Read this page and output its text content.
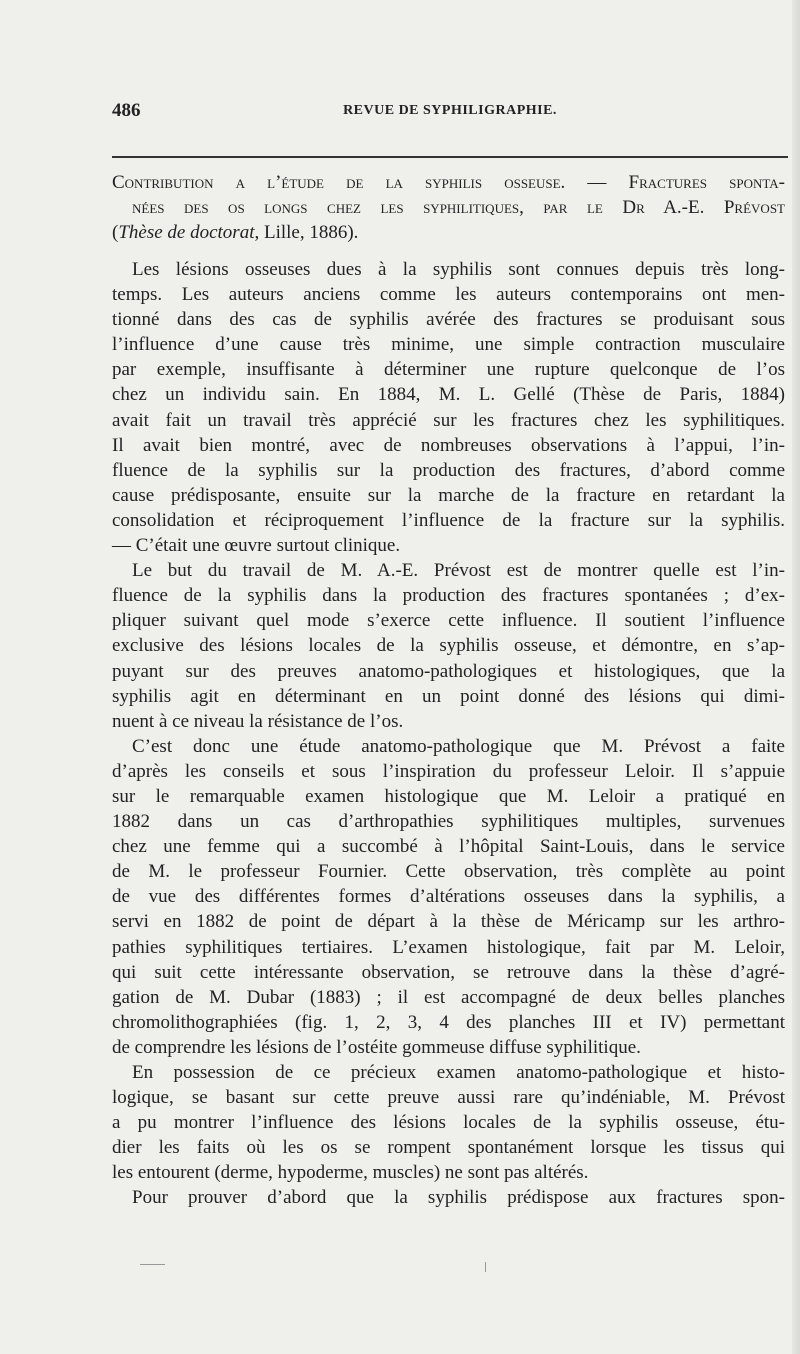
486	REVUE DE SYPHILIGRAPHIE.
Contribution a l’étude de la syphilis osseuse. — Fractures sponta-
nées des os longs chez les syphilitiques, par le Dr A.-E. Prévost
(Thèse de doctorat, Lille, 1886).
Les lésions osseuses dues à la syphilis sont connues depuis très long-
temps. Les auteurs anciens comme les auteurs contemporains ont men-
tionné dans des cas de syphilis avérée des fractures se produisant sous
l’influence d’une cause très minime, une simple contraction musculaire
par exemple, insuffisante à déterminer une rupture quelconque de l’os
chez un individu sain. En 1884, M. L. Gellé (Thèse de Paris, 1884)
avait fait un travail très apprécié sur les fractures chez les syphilitiques.
Il avait bien montré, avec de nombreuses observations à l’appui, l’in-
fluence de la syphilis sur la production des fractures, d’abord comme
cause prédisposante, ensuite sur la marche de la fracture en retardant la
consolidation et réciproquement l’influence de la fracture sur la syphilis.
— C’était une œuvre surtout clinique.
Le but du travail de M. A.-E. Prévost est de montrer quelle est l’in-
fluence de la syphilis dans la production des fractures spontanées ; d’ex-
pliquer suivant quel mode s’exerce cette influence. Il soutient l’influence
exclusive des lésions locales de la syphilis osseuse, et démontre, en s’ap-
puyant sur des preuves anatomo-pathologiques et histologiques, que la
syphilis agit en déterminant en un point donné des lésions qui dimi-
nuent à ce niveau la résistance de l’os.
C’est donc une étude anatomo-pathologique que M. Prévost a faite
d’après les conseils et sous l’inspiration du professeur Leloir. Il s’appuie
sur le remarquable examen histologique que M. Leloir a pratiqué en
1882 dans un cas d’arthropathies syphilitiques multiples, survenues
chez une femme qui a succombé à l’hôpital Saint-Louis, dans le service
de M. le professeur Fournier. Cette observation, très complète au point
de vue des différentes formes d’altérations osseuses dans la syphilis, a
servi en 1882 de point de départ à la thèse de Méricamp sur les arthro-
pathies syphilitiques tertiaires. L’examen histologique, fait par M. Leloir,
qui suit cette intéressante observation, se retrouve dans la thèse d’agré-
gation de M. Dubar (1883) ; il est accompagné de deux belles planches
chromolithographiées (fig. 1, 2, 3, 4 des planches III et IV) permettant
de comprendre les lésions de l’ostéite gommeuse diffuse syphilitique.
En possession de ce précieux examen anatomo-pathologique et histo-
logique, se basant sur cette preuve aussi rare qu’indéniable, M. Prévost
a pu montrer l’influence des lésions locales de la syphilis osseuse, étu-
dier les faits où les os se rompent spontanément lorsque les tissus qui
les entourent (derme, hypoderme, muscles) ne sont pas altérés.
Pour prouver d’abord que la syphilis prédispose aux fractures spon-
